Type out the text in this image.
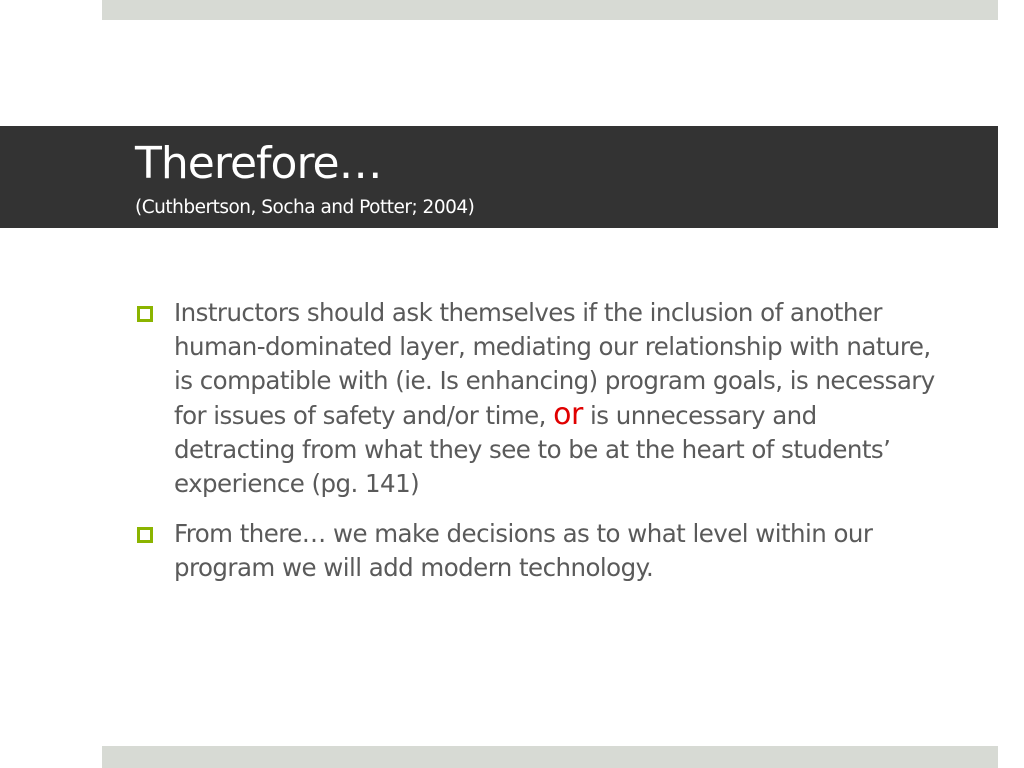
Therefore…
(Cuthbertson, Socha and Potter; 2004)
Instructors should ask themselves if the inclusion of another human-dominated layer, mediating our relationship with nature, is compatible with (ie. Is enhancing) program goals, is necessary for issues of safety and/or time, or is unnecessary and detracting from what they see to be at the heart of students’ experience (pg. 141)
From there… we make decisions as to what level within our program we will add modern technology.
